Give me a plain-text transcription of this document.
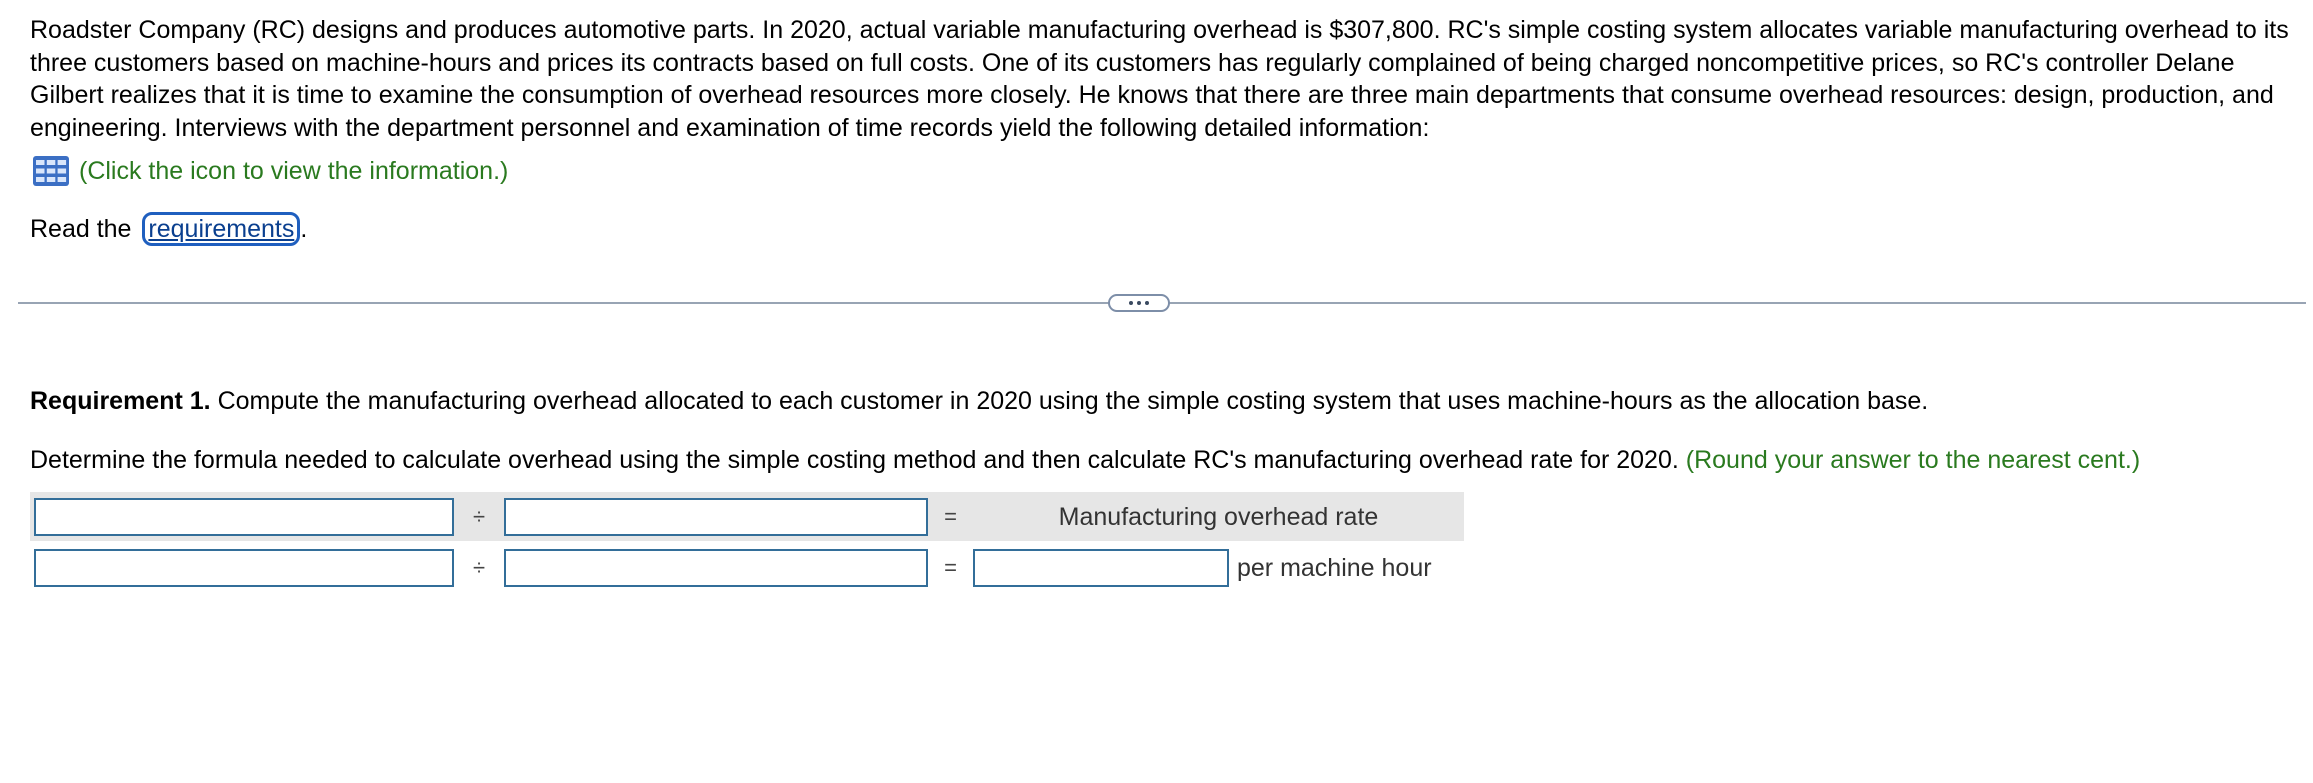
Roadster Company (RC) designs and produces automotive parts. In 2020, actual variable manufacturing overhead is $307,800. RC's simple costing system allocates variable manufacturing overhead to its three customers based on machine-hours and prices its contracts based on full costs. One of its customers has regularly complained of being charged noncompetitive prices, so RC's controller Delane Gilbert realizes that it is time to examine the consumption of overhead resources more closely. He knows that there are three main departments that consume overhead resources: design, production, and engineering. Interviews with the department personnel and examination of time records yield the following detailed information:

(Click the icon to view the information.)
Read the requirements .
Requirement 1. Compute the manufacturing overhead allocated to each customer in 2020 using the simple costing system that uses machine-hours as the allocation base.
Determine the formula needed to calculate overhead using the simple costing method and then calculate RC's manufacturing overhead rate for 2020. (Round your answer to the nearest cent.)
÷	=	Manufacturing overhead rate
÷	=	per machine hour
